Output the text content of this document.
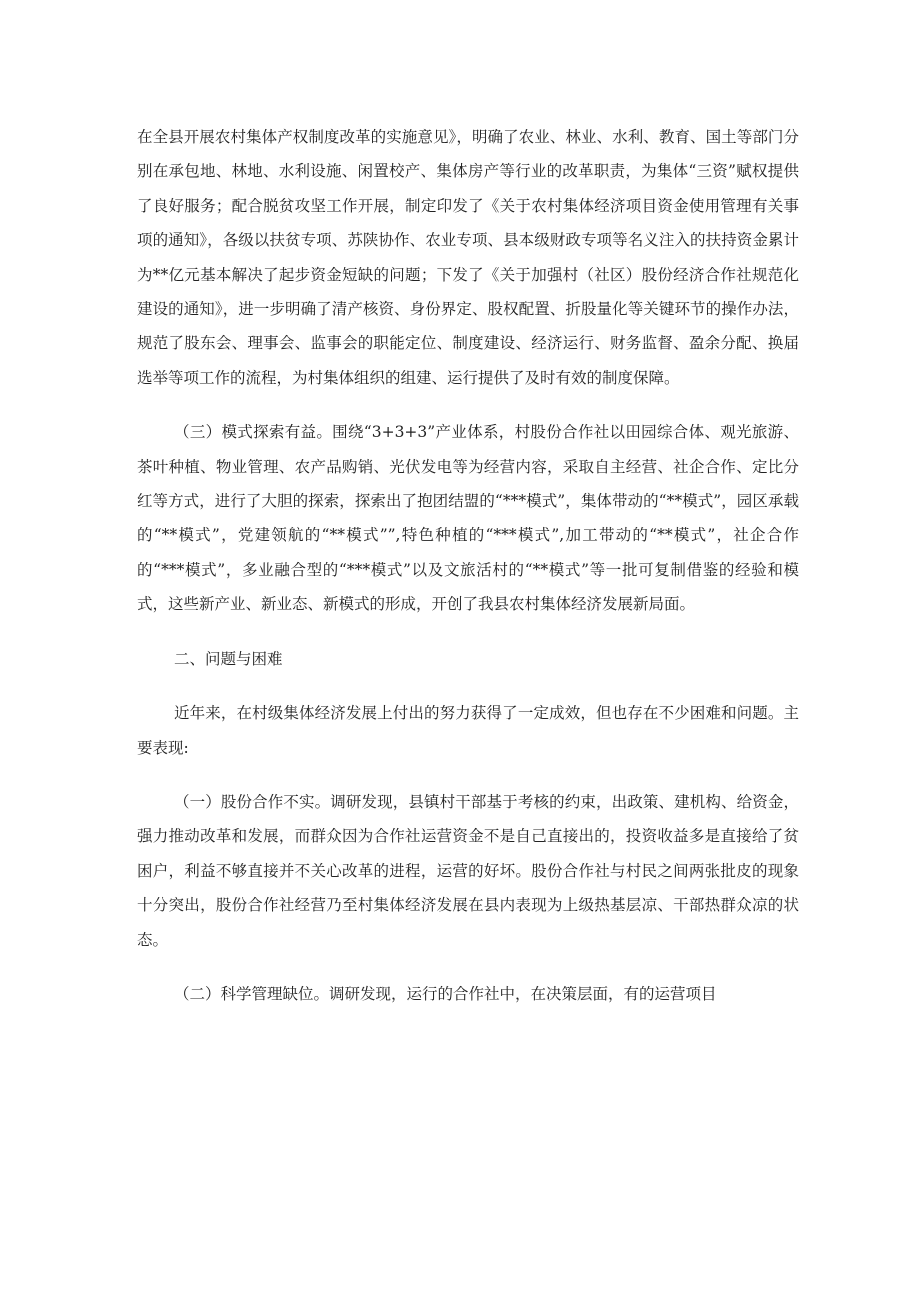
在全县开展农村集体产权制度改革的实施意见》，明确了农业、林业、水利、教育、国土等部门分别在承包地、林地、水利设施、闲置校产、集体房产等行业的改革职责，为集体“三资”赋权提供了良好服务；配合脱贫攻坚工作开展，制定印发了《关于农村集体经济项目资金使用管理有关事项的通知》，各级以扶贫专项、苏陕协作、农业专项、县本级财政专项等名义注入的扶持资金累计为**亿元基本解决了起步资金短缺的问题；下发了《关于加强村（社区）股份经济合作社规范化建设的通知》，进一步明确了清产核资、身份界定、股权配置、折股量化等关键环节的操作办法，规范了股东会、理事会、监事会的职能定位、制度建设、经济运行、财务监督、盈余分配、换届选举等项工作的流程，为村集体组织的组建、运行提供了及时有效的制度保障。

（三）模式探索有益。围绕“3+3+3”产业体系，村股份合作社以田园综合体、观光旅游、茶叶种植、物业管理、农产品购销、光伏发电等为经营内容，采取自主经营、社企合作、定比分红等方式，进行了大胆的探索，探索出了抱团结盟的“***模式”，集体带动的“**模式”，园区承载的“**模式”，党建领航的“**模式””,特色种植的“***模式”,加工带动的“**模式”，社企合作的“***模式”，多业融合型的“***模式”以及文旅活村的“**模式”等一批可复制借鉴的经验和模式，这些新产业、新业态、新模式的形成，开创了我县农村集体经济发展新局面。

二、问题与困难

近年来，在村级集体经济发展上付出的努力获得了一定成效，但也存在不少困难和问题。主要表现:

（一）股份合作不实。调研发现，县镇村干部基于考核的约束，出政策、建机构、给资金，强力推动改革和发展，而群众因为合作社运营资金不是自己直接出的，投资收益多是直接给了贫困户，利益不够直接并不关心改革的进程，运营的好坏。股份合作社与村民之间两张批皮的现象十分突出，股份合作社经营乃至村集体经济发展在县内表现为上级热基层凉、干部热群众凉的状态。

（二）科学管理缺位。调研发现，运行的合作社中，在决策层面，有的运营项目
